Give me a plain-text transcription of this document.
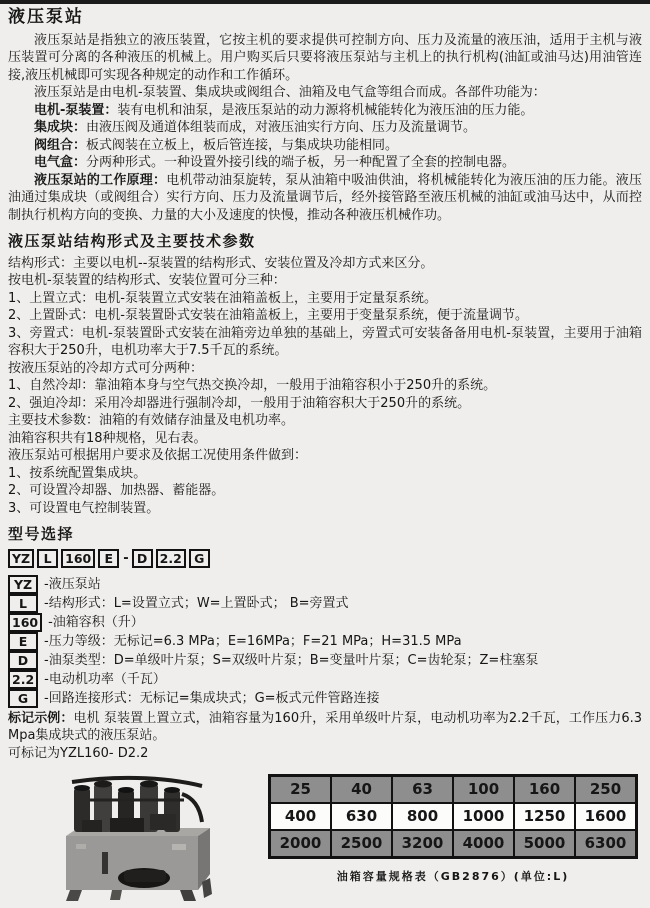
液压泵站

液压泵站是指独立的液压装置，它按主机的要求提供可控制方向、压力及流量的液压油，适用于主机与液压装置可分离的各种液压的机械上。用户购买后只要将液压泵站与主机上的执行机构(油缸或油马达)用油管连接,液压机械即可实现各种规定的动作和工作循环。

液压泵站是由电机-泵装置、集成块或阀组合、油箱及电气盒等组合而成。各部件功能为：

电机-泵装置：装有电机和油泵，是液压泵站的动力源将机械能转化为液压油的压力能。

集成块：由液压阀及通道体组装而成，对液压油实行方向、压力及流量调节。

阀组合：板式阀装在立板上，板后管连接，与集成块功能相同。

电气盒：分两种形式。一种设置外接引线的端子板，另一种配置了全套的控制电器。

液压泵站的工作原理：电机带动油泵旋转，泵从油箱中吸油供油，将机械能转化为液压油的压力能。液压油通过集成块（或阀组合）实行方向、压力及流量调节后，经外接管路至液压机械的油缸或油马达中，从而控制执行机构方向的变换、力量的大小及速度的快慢，推动各种液压机械作功。

液压泵站结构形式及主要技术参数

结构形式：主要以电机--泵装置的结构形式、安装位置及冷却方式来区分。

按电机-泵装置的结构形式、安装位置可分三种：

1、上置立式：电机-泵装置立式安装在油箱盖板上，主要用于定量泵系统。

2、上置卧式：电机-泵装置卧式安装在油箱盖板上，主要用于变量泵系统，便于流量调节。

3、旁置式：电机-泵装置卧式安装在油箱旁边单独的基础上，旁置式可安装备备用电机-泵装置，主要用于油箱容积大于250升，电机功率大于7.5千瓦的系统。

按液压泵站的冷却方式可分两种：

1、自然冷却：靠油箱本身与空气热交换冷却，一般用于油箱容积小于250升的系统。

2、强迫冷却：采用冷却器进行强制冷却，一般用于油箱容积大于250升的系统。

主要技术参数：油箱的有效储存油量及电机功率。

油箱容积共有18种规格，见右表。

液压泵站可根据用户要求及依据工况使用条件做到：

1、按系统配置集成块。

2、可设置冷却器、加热器、蓄能器。

3、可设置电气控制装置。

型号选择
YZ L 160 E - D 2.2 G

YZ -液压泵站

L -结构形式：L=设置立式；W=上置卧式； B=旁置式

160 -油箱容积（升）

E -压力等级：无标记=6.3 MPa；E=16MPa；F=21 MPa；H=31.5 MPa

D -油泵类型：D=单级叶片泵；S=双级叶片泵；B=变量叶片泵；C=齿轮泵；Z=柱塞泵

2.2 -电动机功率（千瓦）

G -回路连接形式：无标记=集成块式；G=板式元件管路连接

标记示例：电机 泵装置上置立式，油箱容量为160升，采用单级叶片泵，电动机功率为2.2千瓦，工作压力6.3 Mpa集成块式的液压泵站。

可标记为YZL160- D2.2

25	40	63	100	160	250
400	630	800	1000	1250	1600
2000	2500	3200	4000	5000	6300
油箱容量规格表（GB2876）(单位:L)
